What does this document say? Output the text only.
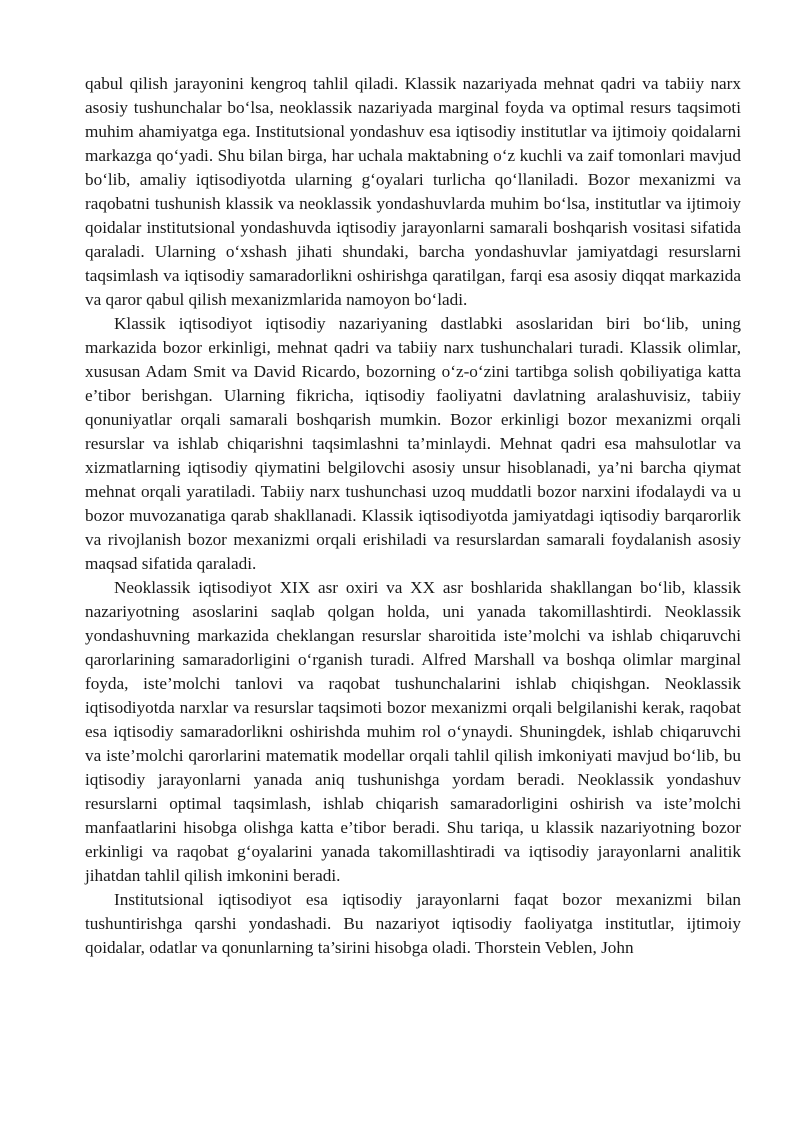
qabul qilish jarayonini kengroq tahlil qiladi. Klassik nazariyada mehnat qadri va tabiiy narx asosiy tushunchalar bo‘lsa, neoklassik nazariyada marginal foyda va optimal resurs taqsimoti muhim ahamiyatga ega. Institutsional yondashuv esa iqtisodiy institutlar va ijtimoiy qoidalarni markazga qo‘yadi. Shu bilan birga, har uchala maktabning o‘z kuchli va zaif tomonlari mavjud bo‘lib, amaliy iqtisodiyotda ularning g‘oyalari turlicha qo‘llaniladi. Bozor mexanizmi va raqobatni tushunish klassik va neoklassik yondashuvlarda muhim bo‘lsa, institutlar va ijtimoiy qoidalar institutsional yondashuvda iqtisodiy jarayonlarni samarali boshqarish vositasi sifatida qaraladi. Ularning o‘xshash jihati shundaki, barcha yondashuvlar jamiyatdagi resurslarni taqsimlash va iqtisodiy samaradorlikni oshirishga qaratilgan, farqi esa asosiy diqqat markazida va qaror qabul qilish mexanizmlarida namoyon bo‘ladi.

Klassik iqtisodiyot iqtisodiy nazariyaning dastlabki asoslaridan biri bo‘lib, uning markazida bozor erkinligi, mehnat qadri va tabiiy narx tushunchalari turadi. Klassik olimlar, xususan Adam Smit va David Ricardo, bozorning o‘z-o‘zini tartibga solish qobiliyatiga katta e’tibor berishgan. Ularning fikricha, iqtisodiy faoliyatni davlatning aralashuvisiz, tabiiy qonuniyatlar orqali samarali boshqarish mumkin. Bozor erkinligi bozor mexanizmi orqali resurslar va ishlab chiqarishni taqsimlashni ta’minlaydi. Mehnat qadri esa mahsulotlar va xizmatlarning iqtisodiy qiymatini belgilovchi asosiy unsur hisoblanadi, ya’ni barcha qiymat mehnat orqali yaratiladi. Tabiiy narx tushunchasi uzoq muddatli bozor narxini ifodalaydi va u bozor muvozanatiga qarab shakllanadi. Klassik iqtisodiyotda jamiyatdagi iqtisodiy barqarorlik va rivojlanish bozor mexanizmi orqali erishiladi va resurslardan samarali foydalanish asosiy maqsad sifatida qaraladi.

Neoklassik iqtisodiyot XIX asr oxiri va XX asr boshlarida shakllangan bo‘lib, klassik nazariyotning asoslarini saqlab qolgan holda, uni yanada takomillashtirdi. Neoklassik yondashuvning markazida cheklangan resurslar sharoitida iste’molchi va ishlab chiqaruvchi qarorlarining samaradorligini o‘rganish turadi. Alfred Marshall va boshqa olimlar marginal foyda, iste’molchi tanlovi va raqobat tushunchalarini ishlab chiqishgan. Neoklassik iqtisodiyotda narxlar va resurslar taqsimoti bozor mexanizmi orqali belgilanishi kerak, raqobat esa iqtisodiy samaradorlikni oshirishda muhim rol o‘ynaydi. Shuningdek, ishlab chiqaruvchi va iste’molchi qarorlarini matematik modellar orqali tahlil qilish imkoniyati mavjud bo‘lib, bu iqtisodiy jarayonlarni yanada aniq tushunishga yordam beradi. Neoklassik yondashuv resurslarni optimal taqsimlash, ishlab chiqarish samaradorligini oshirish va iste’molchi manfaatlarini hisobga olishga katta e’tibor beradi. Shu tariqa, u klassik nazariyotning bozor erkinligi va raqobat g‘oyalarini yanada takomillashtiradi va iqtisodiy jarayonlarni analitik jihatdan tahlil qilish imkonini beradi.

Institutsional iqtisodiyot esa iqtisodiy jarayonlarni faqat bozor mexanizmi bilan tushuntirishga qarshi yondashadi. Bu nazariyot iqtisodiy faoliyatga institutlar, ijtimoiy qoidalar, odatlar va qonunlarning ta’sirini hisobga oladi. Thorstein Veblen, John
